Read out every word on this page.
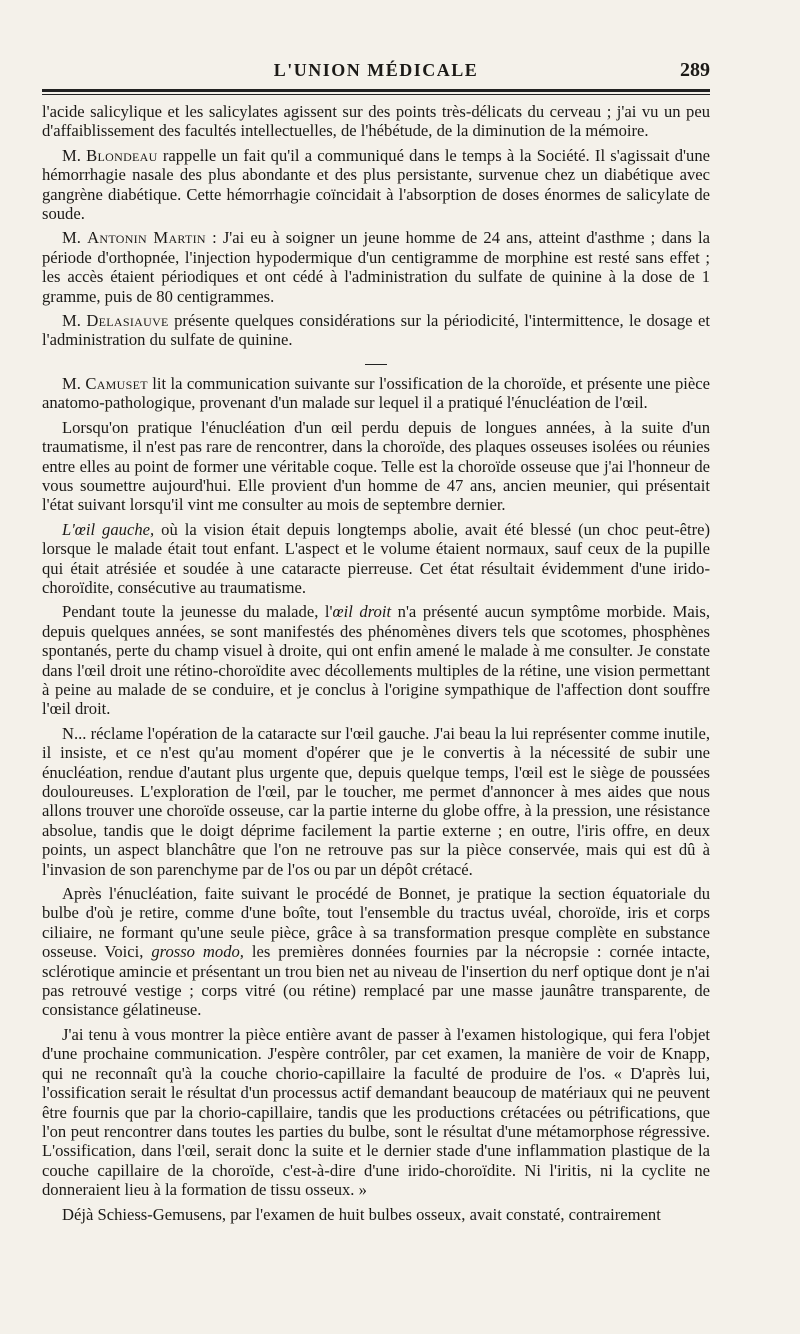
L'UNION MÉDICALE	289

l'acide salicylique et les salicylates agissent sur des points très-délicats du cerveau ; j'ai vu un peu d'affaiblissement des facultés intellectuelles, de l'hébétude, de la diminution de la mémoire.

M. Blondeau rappelle un fait qu'il a communiqué dans le temps à la Société. Il s'agissait d'une hémorrhagie nasale des plus abondante et des plus persistante, survenue chez un diabétique avec gangrène diabétique. Cette hémorrhagie coïncidait à l'absorption de doses énormes de salicylate de soude.

M. Antonin Martin : J'ai eu à soigner un jeune homme de 24 ans, atteint d'asthme ; dans la période d'orthopnée, l'injection hypodermique d'un centigramme de morphine est resté sans effet ; les accès étaient périodiques et ont cédé à l'administration du sulfate de quinine à la dose de 1 gramme, puis de 80 centigrammes.

M. Delasiauve présente quelques considérations sur la périodicité, l'intermittence, le dosage et l'administration du sulfate de quinine.

M. Camuset lit la communication suivante sur l'ossification de la choroïde, et présente une pièce anatomo-pathologique, provenant d'un malade sur lequel il a pratiqué l'énucléation de l'œil.

Lorsqu'on pratique l'énucléation d'un œil perdu depuis de longues années, à la suite d'un traumatisme, il n'est pas rare de rencontrer, dans la choroïde, des plaques osseuses isolées ou réunies entre elles au point de former une véritable coque. Telle est la choroïde osseuse que j'ai l'honneur de vous soumettre aujourd'hui. Elle provient d'un homme de 47 ans, ancien meunier, qui présentait l'état suivant lorsqu'il vint me consulter au mois de septembre dernier.

L'œil gauche, où la vision était depuis longtemps abolie, avait été blessé (un choc peut-être) lorsque le malade était tout enfant. L'aspect et le volume étaient normaux, sauf ceux de la pupille qui était atrésiée et soudée à une cataracte pierreuse. Cet état résultait évidemment d'une irido-choroïdite, consécutive au traumatisme.

Pendant toute la jeunesse du malade, l'œil droit n'a présenté aucun symptôme morbide. Mais, depuis quelques années, se sont manifestés des phénomènes divers tels que scotomes, phosphènes spontanés, perte du champ visuel à droite, qui ont enfin amené le malade à me consulter. Je constate dans l'œil droit une rétino-choroïdite avec décollements multiples de la rétine, une vision permettant à peine au malade de se conduire, et je conclus à l'origine sympathique de l'affection dont souffre l'œil droit.

N... réclame l'opération de la cataracte sur l'œil gauche. J'ai beau la lui représenter comme inutile, il insiste, et ce n'est qu'au moment d'opérer que je le convertis à la nécessité de subir une énucléation, rendue d'autant plus urgente que, depuis quelque temps, l'œil est le siège de poussées douloureuses. L'exploration de l'œil, par le toucher, me permet d'annoncer à mes aides que nous allons trouver une choroïde osseuse, car la partie interne du globe offre, à la pression, une résistance absolue, tandis que le doigt déprime facilement la partie externe ; en outre, l'iris offre, en deux points, un aspect blanchâtre que l'on ne retrouve pas sur la pièce conservée, mais qui est dû à l'invasion de son parenchyme par de l'os ou par un dépôt crétacé.

Après l'énucléation, faite suivant le procédé de Bonnet, je pratique la section équatoriale du bulbe d'où je retire, comme d'une boîte, tout l'ensemble du tractus uvéal, choroïde, iris et corps ciliaire, ne formant qu'une seule pièce, grâce à sa transformation presque complète en substance osseuse. Voici, grosso modo, les premières données fournies par la nécropsie : cornée intacte, sclérotique amincie et présentant un trou bien net au niveau de l'insertion du nerf optique dont je n'ai pas retrouvé vestige ; corps vitré (ou rétine) remplacé par une masse jaunâtre transparente, de consistance gélatineuse.

J'ai tenu à vous montrer la pièce entière avant de passer à l'examen histologique, qui fera l'objet d'une prochaine communication. J'espère contrôler, par cet examen, la manière de voir de Knapp, qui ne reconnaît qu'à la couche chorio-capillaire la faculté de produire de l'os. « D'après lui, l'ossification serait le résultat d'un processus actif demandant beaucoup de matériaux qui ne peuvent être fournis que par la chorio-capillaire, tandis que les productions crétacées ou pétrifications, que l'on peut rencontrer dans toutes les parties du bulbe, sont le résultat d'une métamorphose régressive. L'ossification, dans l'œil, serait donc la suite et le dernier stade d'une inflammation plastique de la couche capillaire de la choroïde, c'est-à-dire d'une irido-choroïdite. Ni l'iritis, ni la cyclite ne donneraient lieu à la formation de tissu osseux. »

Déjà Schiess-Gemusens, par l'examen de huit bulbes osseux, avait constaté, contrairement
